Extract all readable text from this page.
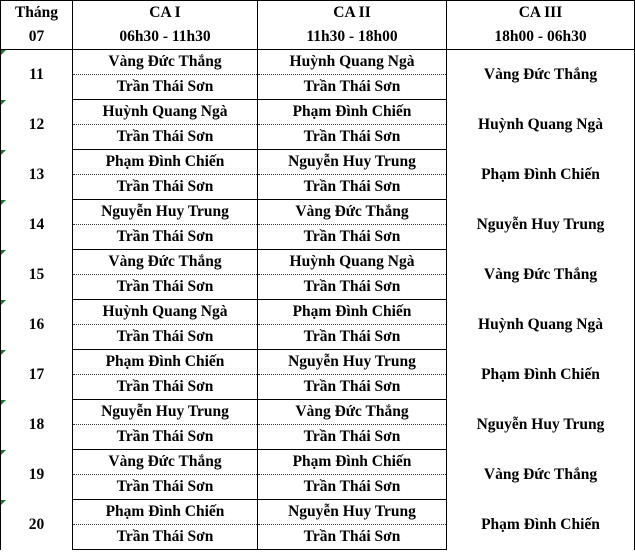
Tháng	CA I	CA II	CA III
07	06h30 - 11h30	11h30 - 18h00	18h00 - 06h30

11	Vàng Đức Thắng	Huỳnh Quang Ngà	Vàng Đức Thắng
	Trần Thái Sơn	Trần Thái Sơn	

12	Huỳnh Quang Ngà	Phạm Đình Chiến	Huỳnh Quang Ngà
	Trần Thái Sơn	Trần Thái Sơn	

13	Phạm Đình Chiến	Nguyễn Huy Trung	Phạm Đình Chiến
	Trần Thái Sơn	Trần Thái Sơn	

14	Nguyễn Huy Trung	Vàng Đức Thắng	Nguyễn Huy Trung
	Trần Thái Sơn	Trần Thái Sơn	

15	Vàng Đức Thắng	Huỳnh Quang Ngà	Vàng Đức Thắng
	Trần Thái Sơn	Trần Thái Sơn	

16	Huỳnh Quang Ngà	Phạm Đình Chiến	Huỳnh Quang Ngà
	Trần Thái Sơn	Trần Thái Sơn	

17	Phạm Đình Chiến	Nguyễn Huy Trung	Phạm Đình Chiến
	Trần Thái Sơn	Trần Thái Sơn	

18	Nguyễn Huy Trung	Vàng Đức Thắng	Nguyễn Huy Trung
	Trần Thái Sơn	Trần Thái Sơn	

19	Vàng Đức Thắng	Phạm Đình Chiến	Vàng Đức Thắng
	Trần Thái Sơn	Trần Thái Sơn	

20	Phạm Đình Chiến	Nguyễn Huy Trung	Phạm Đình Chiến
	Trần Thái Sơn	Trần Thái Sơn	
